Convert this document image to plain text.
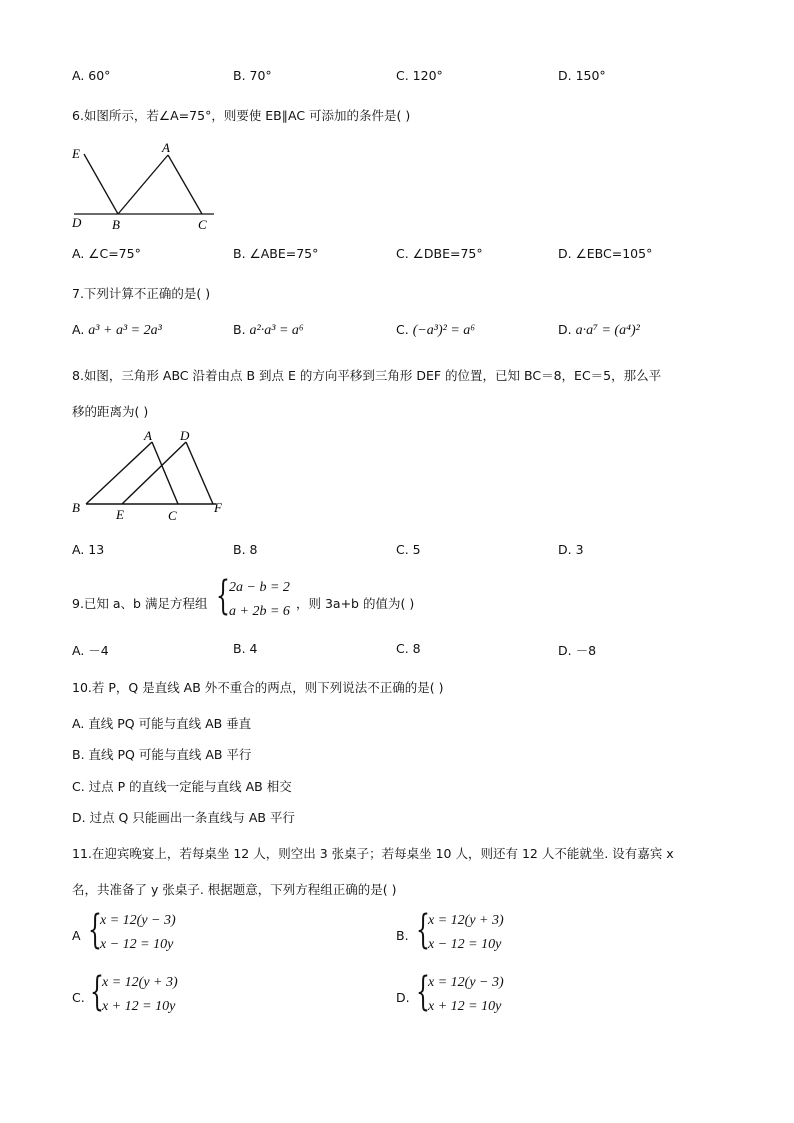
A. 60°	B. 70°	C. 120°	D. 150°
6.如图所示，若∠A=75°，则要使 EB∥AC 可添加的条件是( )
E	A
D B	C
A. ∠C=75°	B. ∠ABE=75°	C. ∠DBE=75°	D. ∠EBC=105°
7.下列计算不正确的是( )
A. a³ + a³ = 2a³	B. a²·a³ = a⁶	C. (−a³)² = a⁶	D. a·a⁷ = (a⁴)²
8.如图，三角形 ABC 沿着由点 B 到点 E 的方向平移到三角形 DEF 的位置，已知 BC＝8，EC＝5，那么平
移的距离为( )
A D
B	E	C
F
A. 13	B. 8	C. 5	D. 3
9.已知 a、b 满足方程组 { 2a − b = 2
a + 2b = 6
，则 3a+b 的值为( )
A. －4	B. 4	C. 8	D. －8
10.若 P，Q 是直线 AB 外不重合的两点，则下列说法不正确的是( )
A. 直线 PQ 可能与直线 AB 垂直
B. 直线 PQ 可能与直线 AB 平行
C. 过点 P 的直线一定能与直线 AB 相交
D. 过点 Q 只能画出一条直线与 AB 平行
11.在迎宾晚宴上，若每桌坐 12 人，则空出 3 张桌子；若每桌坐 10 人，则还有 12 人不能就坐. 设有嘉宾 x
名，共准备了 y 张桌子. 根据题意，下列方程组正确的是( )
A {
x = 12(y − 3)
x − 12 = 10y
B. {
x = 12(y + 3)
x − 12 = 10y
C. {
x = 12(y + 3)
x + 12 = 10y
D. {
x = 12(y − 3)
x + 12 = 10y
